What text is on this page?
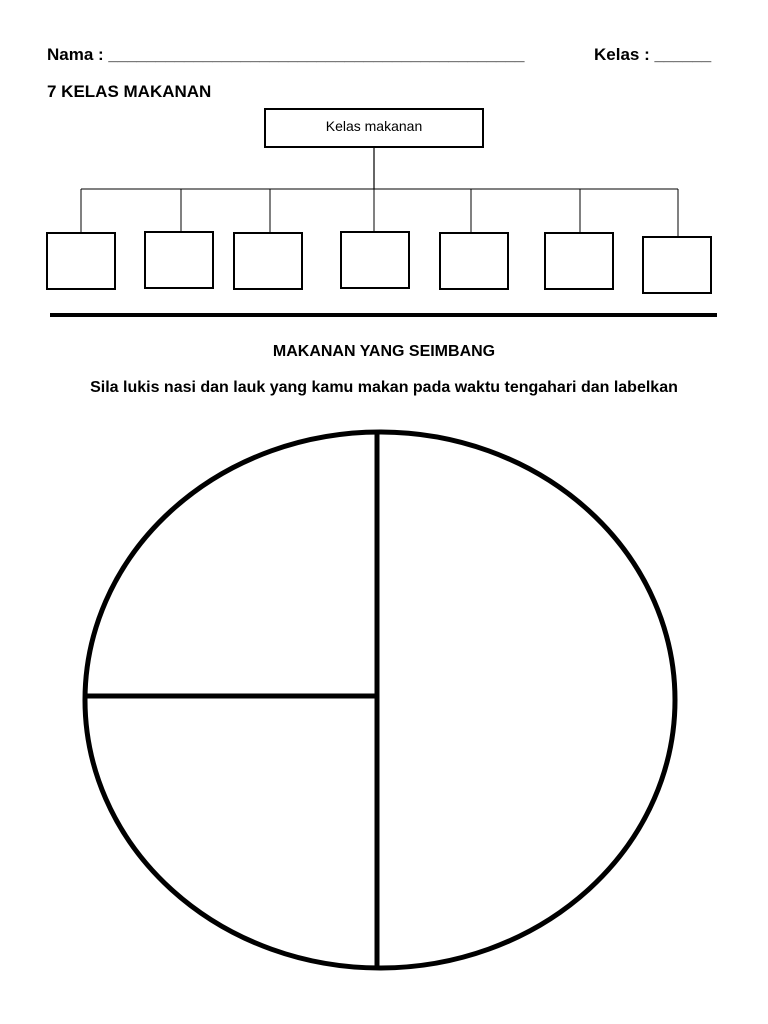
Nama : ____________________________________________	Kelas : ______
7 KELAS MAKANAN
Kelas makanan
MAKANAN YANG SEIMBANG
Sila lukis nasi dan lauk yang kamu makan pada waktu tengahari dan labelkan
